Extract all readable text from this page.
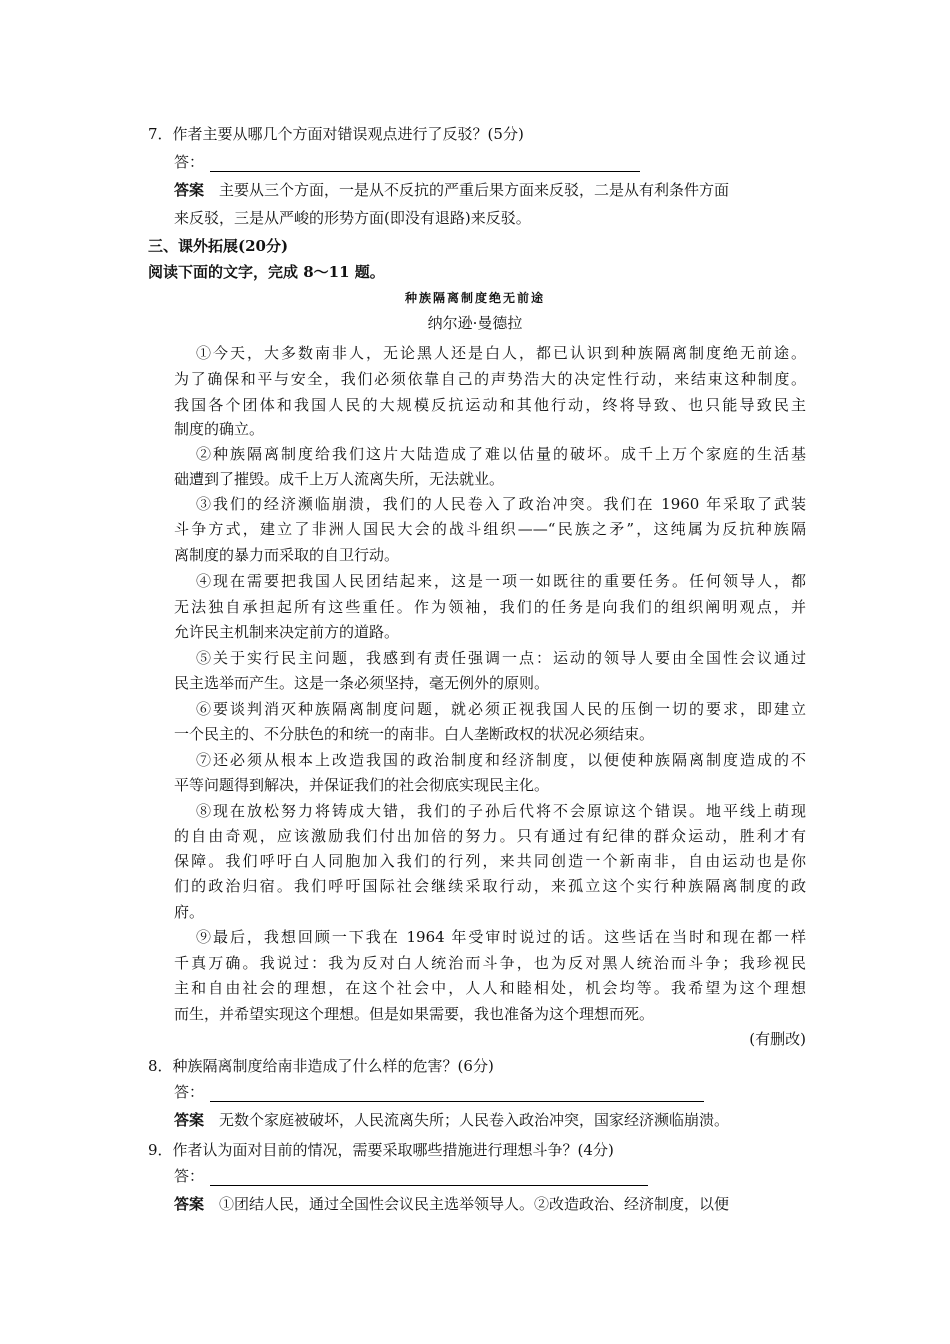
7．作者主要从哪几个方面对错误观点进行了反驳？(5分)
答：
答案　主要从三个方面，一是从不反抗的严重后果方面来反驳，二是从有利条件方面
来反驳，三是从严峻的形势方面(即没有退路)来反驳。
三、课外拓展(20分)
阅读下面的文字，完成 8～11 题。
种族隔离制度绝无前途
纳尔逊·曼德拉
①今天，大多数南非人，无论黑人还是白人，都已认识到种族隔离制度绝无前途。
为了确保和平与安全，我们必须依靠自己的声势浩大的决定性行动，来结束这种制度。
我国各个团体和我国人民的大规模反抗运动和其他行动，终将导致、也只能导致民主
制度的确立。
②种族隔离制度给我们这片大陆造成了难以估量的破坏。成千上万个家庭的生活基
础遭到了摧毁。成千上万人流离失所，无法就业。
③我们的经济濒临崩溃，我们的人民卷入了政治冲突。我们在 1960 年采取了武装
斗争方式，建立了非洲人国民大会的战斗组织——“民族之矛”，这纯属为反抗种族隔
离制度的暴力而采取的自卫行动。
④现在需要把我国人民团结起来，这是一项一如既往的重要任务。任何领导人，都
无法独自承担起所有这些重任。作为领袖，我们的任务是向我们的组织阐明观点，并
允许民主机制来决定前方的道路。
⑤关于实行民主问题，我感到有责任强调一点：运动的领导人要由全国性会议通过
民主选举而产生。这是一条必须坚持，毫无例外的原则。
⑥要谈判消灭种族隔离制度问题，就必须正视我国人民的压倒一切的要求，即建立
一个民主的、不分肤色的和统一的南非。白人垄断政权的状况必须结束。
⑦还必须从根本上改造我国的政治制度和经济制度，以便使种族隔离制度造成的不
平等问题得到解决，并保证我们的社会彻底实现民主化。
⑧现在放松努力将铸成大错，我们的子孙后代将不会原谅这个错误。地平线上萌现
的自由奇观，应该激励我们付出加倍的努力。只有通过有纪律的群众运动，胜利才有
保障。我们呼吁白人同胞加入我们的行列，来共同创造一个新南非，自由运动也是你
们的政治归宿。我们呼吁国际社会继续采取行动，来孤立这个实行种族隔离制度的政
府。
⑨最后，我想回顾一下我在 1964 年受审时说过的话。这些话在当时和现在都一样
千真万确。我说过：我为反对白人统治而斗争，也为反对黑人统治而斗争；我珍视民
主和自由社会的理想，在这个社会中，人人和睦相处，机会均等。我希望为这个理想
而生，并希望实现这个理想。但是如果需要，我也准备为这个理想而死。
(有删改)
8．种族隔离制度给南非造成了什么样的危害？(6分)
答：
答案　无数个家庭被破坏，人民流离失所；人民卷入政治冲突，国家经济濒临崩溃。
9．作者认为面对目前的情况，需要采取哪些措施进行理想斗争？(4分)
答：
答案　①团结人民，通过全国性会议民主选举领导人。②改造政治、经济制度，以便
